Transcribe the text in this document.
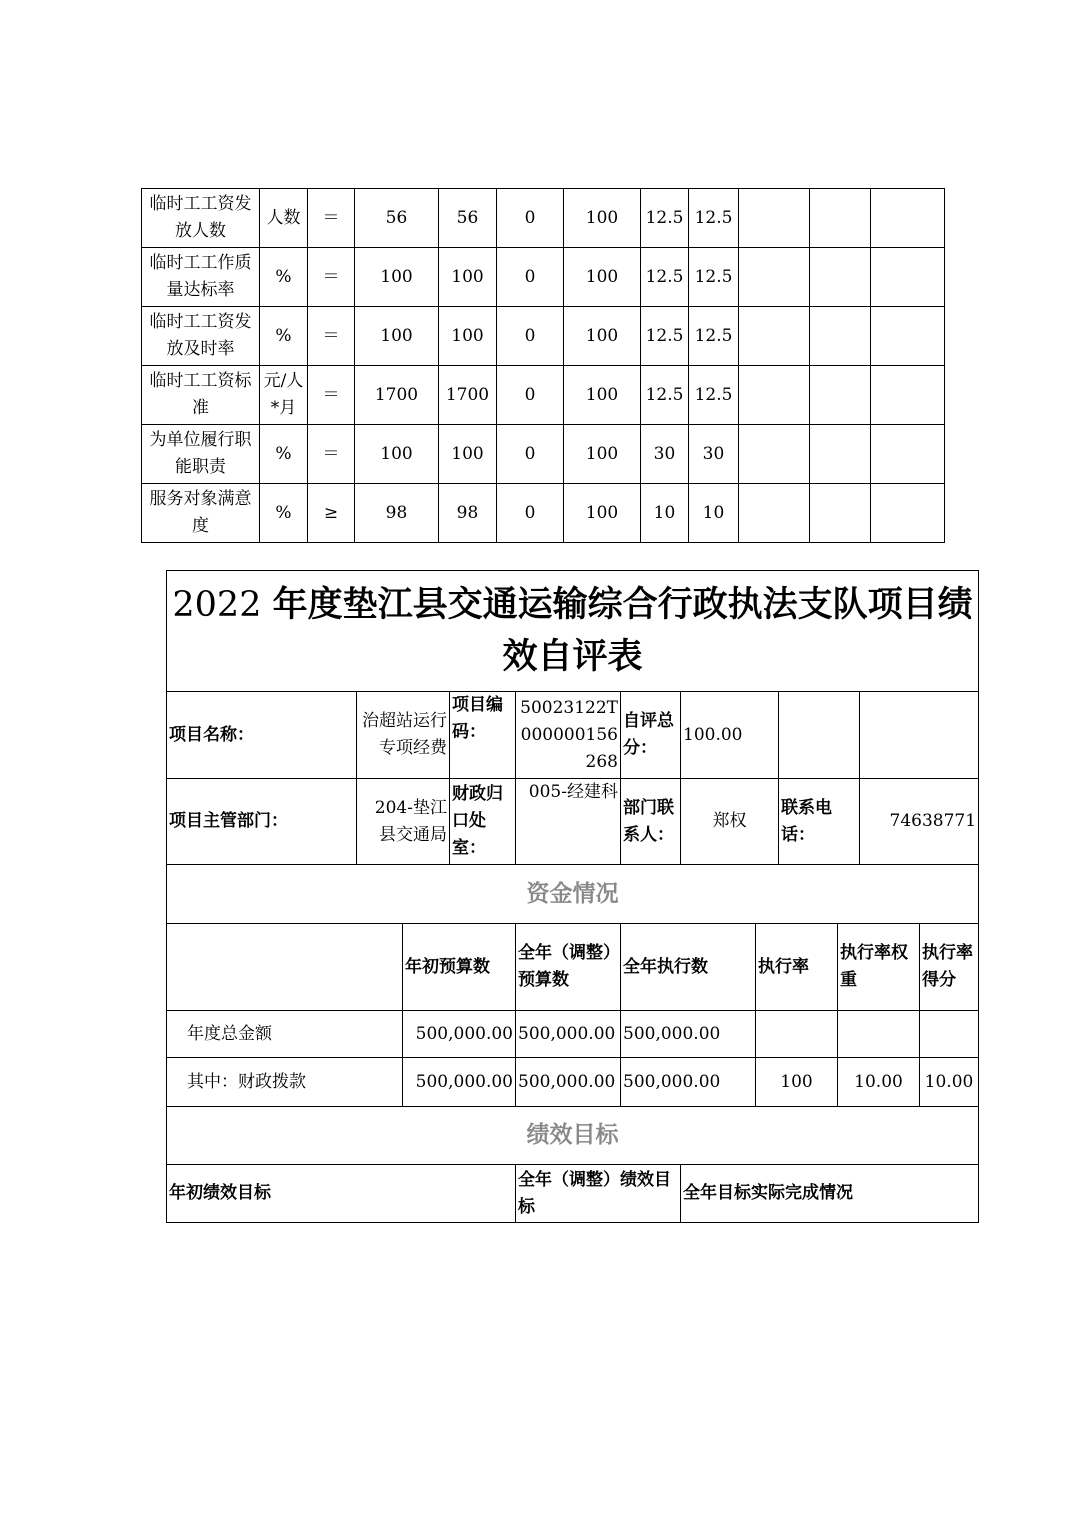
临时工工资发放人数	人数	＝	56	56	0	100	12.5	12.5			
临时工工作质量达标率	%	＝	100	100	0	100	12.5	12.5			
临时工工资发放及时率	%	＝	100	100	0	100	12.5	12.5			
临时工工资标准	元/人*月	＝	1700	1700	0	100	12.5	12.5			
为单位履行职能职责	%	＝	100	100	0	100	30	30			
服务对象满意度	%	≥	98	98	0	100	10	10			
2022 年度垫江县交通运输综合行政执法支队项目绩效自评表											
项目名称：	治超站运行专项经费		项目编码：	50023122T000000156268	自评总分：	100.00					
项目主管部门：	204-垫江县交通局		财政归口处室：	005-经建科	部门联系人：	郑权		联系电话：		74638771	
资金情况											
		年初预算数		全年（调整）预算数	全年执行数		执行率		执行率权重		执行率得分
年度总金额		500,000.00		500,000.00	500,000.00						
其中：财政拨款		500,000.00		500,000.00	500,000.00		100		10.00		10.00
绩效目标											
年初绩效目标				全年（调整）绩效目标		全年目标实际完成情况					
